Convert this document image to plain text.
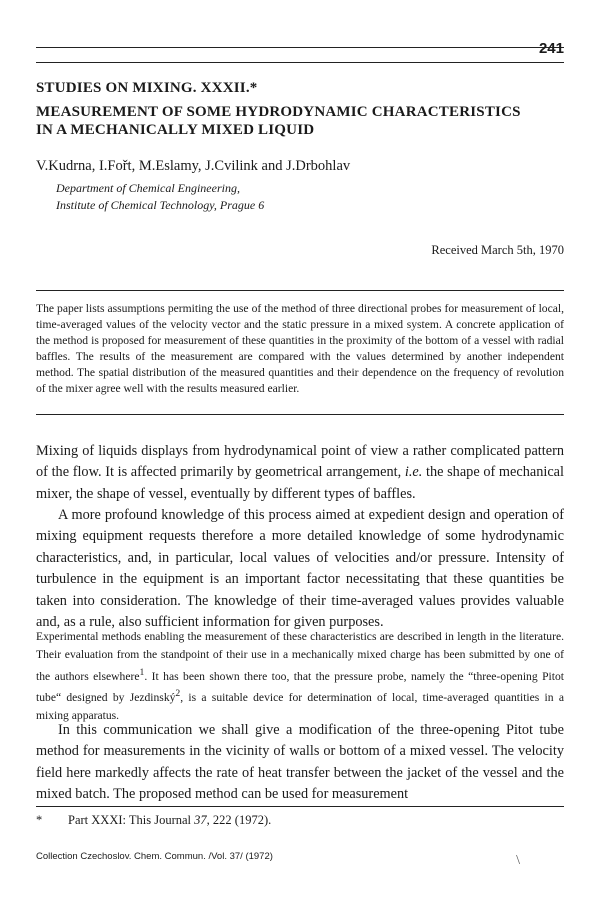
241
STUDIES ON MIXING. XXXII.*
MEASUREMENT OF SOME HYDRODYNAMIC CHARACTERISTICS
IN A MECHANICALLY MIXED LIQUID
V.Kudrna, I.Fořt, M.Eslamy, J.Cvilink and J.Drbohlav
Department of Chemical Engineering,
Institute of Chemical Technology, Prague 6
Received March 5th, 1970
The paper lists assumptions permiting the use of the method of three directional probes for measurement of local, time-averaged values of the velocity vector and the static pressure in a mixed system. A concrete application of the method is proposed for measurement of these quantities in the proximity of the bottom of a vessel with radial baffles. The results of the measurement are compared with the values determined by another independent method. The spatial distribution of the measured quantities and their dependence on the frequency of revolution of the mixer agree well with the results measured earlier.

Mixing of liquids displays from hydrodynamical point of view a rather complicated pattern of the flow. It is affected primarily by geometrical arrangement, i.e. the shape of mechanical mixer, the shape of vessel, eventually by different types of baffles.

A more profound knowledge of this process aimed at expedient design and operation of mixing equipment requests therefore a more detailed knowledge of some hydrodynamic characteristics, and, in particular, local values of velocities and/or pressure. Intensity of turbulence in the equipment is an important factor necessitating that these quantities be taken into consideration. The knowledge of their time-averaged values provides valuable and, as a rule, also sufficient information for given purposes.
Experimental methods enabling the measurement of these characteristics are described in length in the literature. Their evaluation from the standpoint of their use in a mechanically mixed charge has been submitted by one of the authors elsewhere$^1$. It has been shown there too, that the pressure probe, namely the “three-opening Pitot tube“ designed by Jezdinský$^2$, is a suitable device for determination of local, time-averaged quantities in a mixing apparatus.
In this communication we shall give a modification of the three-opening Pitot tube method for measurements in the vicinity of walls or bottom of a mixed vessel. The velocity field here markedly affects the rate of heat transfer between the jacket of the vessel and the mixed batch. The proposed method can be used for measurement
* Part XXXI: This Journal 37, 222 (1972).
Collection Czechoslov. Chem. Commun. /Vol. 37/ (1972)	\
